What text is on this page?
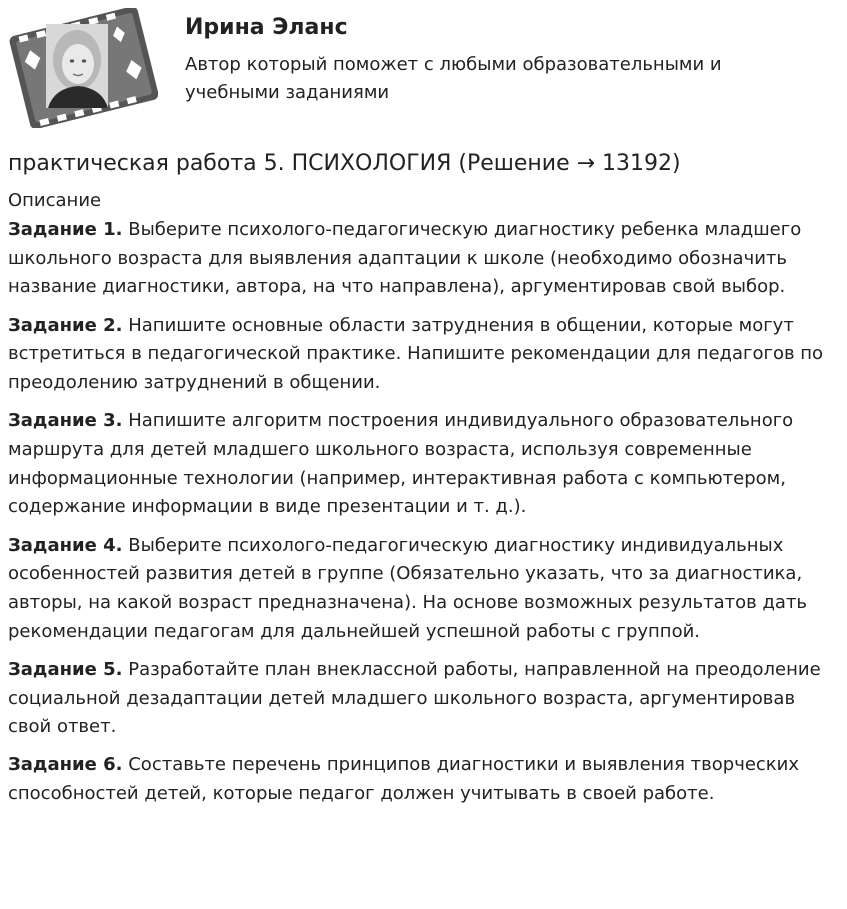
Ирина Эланс
Автор который поможет с любыми образовательными и учебными заданиями
практическая работа 5. ПСИХОЛОГИЯ (Решение → 13192)
Описание

Задание 1. Выберите психолого-педагогическую диагностику ребенка младшего школьного возраста для выявления адаптации к школе (необходимо обозначить название диагностики, автора, на что направлена), аргументировав свой выбор.

Задание 2. Напишите основные области затруднения в общении, которые могут встретиться в педагогической практике. Напишите рекомендации для педагогов по преодолению затруднений в общении.

Задание 3. Напишите алгоритм построения индивидуального образовательного маршрута для детей младшего школьного возраста, используя современные информационные технологии (например, интерактивная работа с компьютером, содержание информации в виде презентации и т. д.).

Задание 4. Выберите психолого-педагогическую диагностику индивидуальных особенностей развития детей в группе (Обязательно указать, что за диагностика, авторы, на какой возраст предназначена). На основе возможных результатов дать рекомендации педагогам для дальнейшей успешной работы с группой.

Задание 5. Разработайте план внеклассной работы, направленной на преодоление социальной дезадаптации детей младшего школьного возраста, аргументировав свой ответ.

Задание 6. Составьте перечень принципов диагностики и выявления творческих способностей детей, которые педагог должен учитывать в своей работе.
